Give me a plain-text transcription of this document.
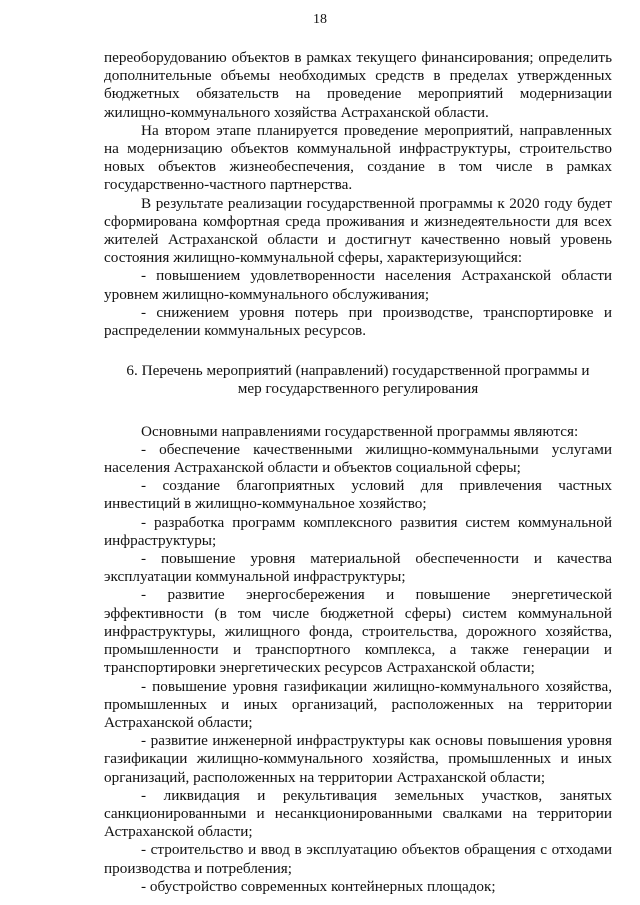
18

переоборудованию объектов в рамках текущего финансирования; определить дополнительные объемы необходимых средств в пределах утвержденных бюджетных обязательств на проведение мероприятий модернизации жилищно-коммунального хозяйства Астраханской области.

На втором этапе планируется проведение мероприятий, направленных на модернизацию объектов коммунальной инфраструктуры, строительство новых объектов жизнеобеспечения, создание в том числе в рамках государственно-частного партнерства.

В результате реализации государственной программы к 2020 году будет сформирована комфортная среда проживания и жизнедеятельности для всех жителей Астраханской области и достигнут качественно новый уровень состояния жилищно-коммунальной сферы, характеризующийся:

- повышением удовлетворенности населения Астраханской области уровнем жилищно-коммунального обслуживания;

- снижением уровня потерь при производстве, транспортировке и распределении коммунальных ресурсов.

6. Перечень мероприятий (направлений) государственной программы и
мер государственного регулирования

Основными направлениями государственной программы являются:

- обеспечение качественными жилищно-коммунальными услугами населения Астраханской области и объектов социальной сферы;

- создание благоприятных условий для привлечения частных инвестиций в жилищно-коммунальное хозяйство;

- разработка программ комплексного развития систем коммунальной инфраструктуры;

- повышение уровня материальной обеспеченности и качества эксплуатации коммунальной инфраструктуры;

- развитие энергосбережения и повышение энергетической эффективности (в том числе бюджетной сферы) систем коммунальной инфраструктуры, жилищного фонда, строительства, дорожного хозяйства, промышленности и транспортного комплекса, а также генерации и транспортировки энергетических ресурсов Астраханской области;

- повышение уровня газификации жилищно-коммунального хозяйства, промышленных и иных организаций, расположенных на территории Астраханской области;

- развитие инженерной инфраструктуры как основы повышения уровня газификации жилищно-коммунального хозяйства, промышленных и иных организаций, расположенных на территории Астраханской области;

- ликвидация и рекультивация земельных участков, занятых санкционированными и несанкционированными свалками на территории Астраханской области;

- строительство и ввод в эксплуатацию объектов обращения с отходами производства и потребления;

- обустройство современных контейнерных площадок;
